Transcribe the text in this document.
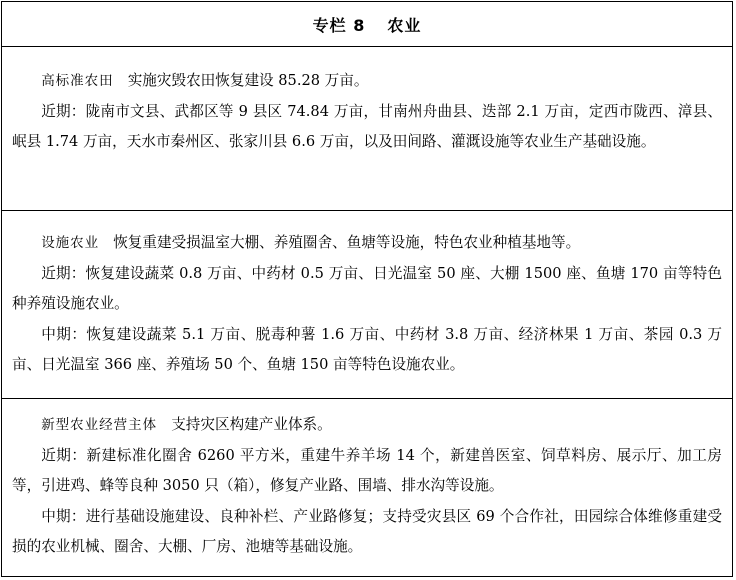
专栏 8 农业

高标准农田 实施灾毁农田恢复建设 85.28 万亩。

近期：陇南市文县、武都区等 9 县区 74.84 万亩，甘南州舟曲县、迭部 2.1 万亩，定西市陇西、漳县、岷县 1.74 万亩，天水市秦州区、张家川县 6.6 万亩，以及田间路、灌溉设施等农业生产基础设施。

设施农业 恢复重建受损温室大棚、养殖圈舍、鱼塘等设施，特色农业种植基地等。

近期：恢复建设蔬菜 0.8 万亩、中药材 0.5 万亩、日光温室 50 座、大棚 1500 座、鱼塘 170 亩等特色种养殖设施农业。

中期：恢复建设蔬菜 5.1 万亩、脱毒种薯 1.6 万亩、中药材 3.8 万亩、经济林果 1 万亩、茶园 0.3 万亩、日光温室 366 座、养殖场 50 个、鱼塘 150 亩等特色设施农业。

新型农业经营主体 支持灾区构建产业体系。

近期：新建标准化圈舍 6260 平方米，重建牛养羊场 14 个，新建兽医室、饲草料房、展示厅、加工房等，引进鸡、蜂等良种 3050 只（箱），修复产业路、围墙、排水沟等设施。

中期：进行基础设施建设、良种补栏、产业路修复；支持受灾县区 69 个合作社，田园综合体维修重建受损的农业机械、圈舍、大棚、厂房、池塘等基础设施。
